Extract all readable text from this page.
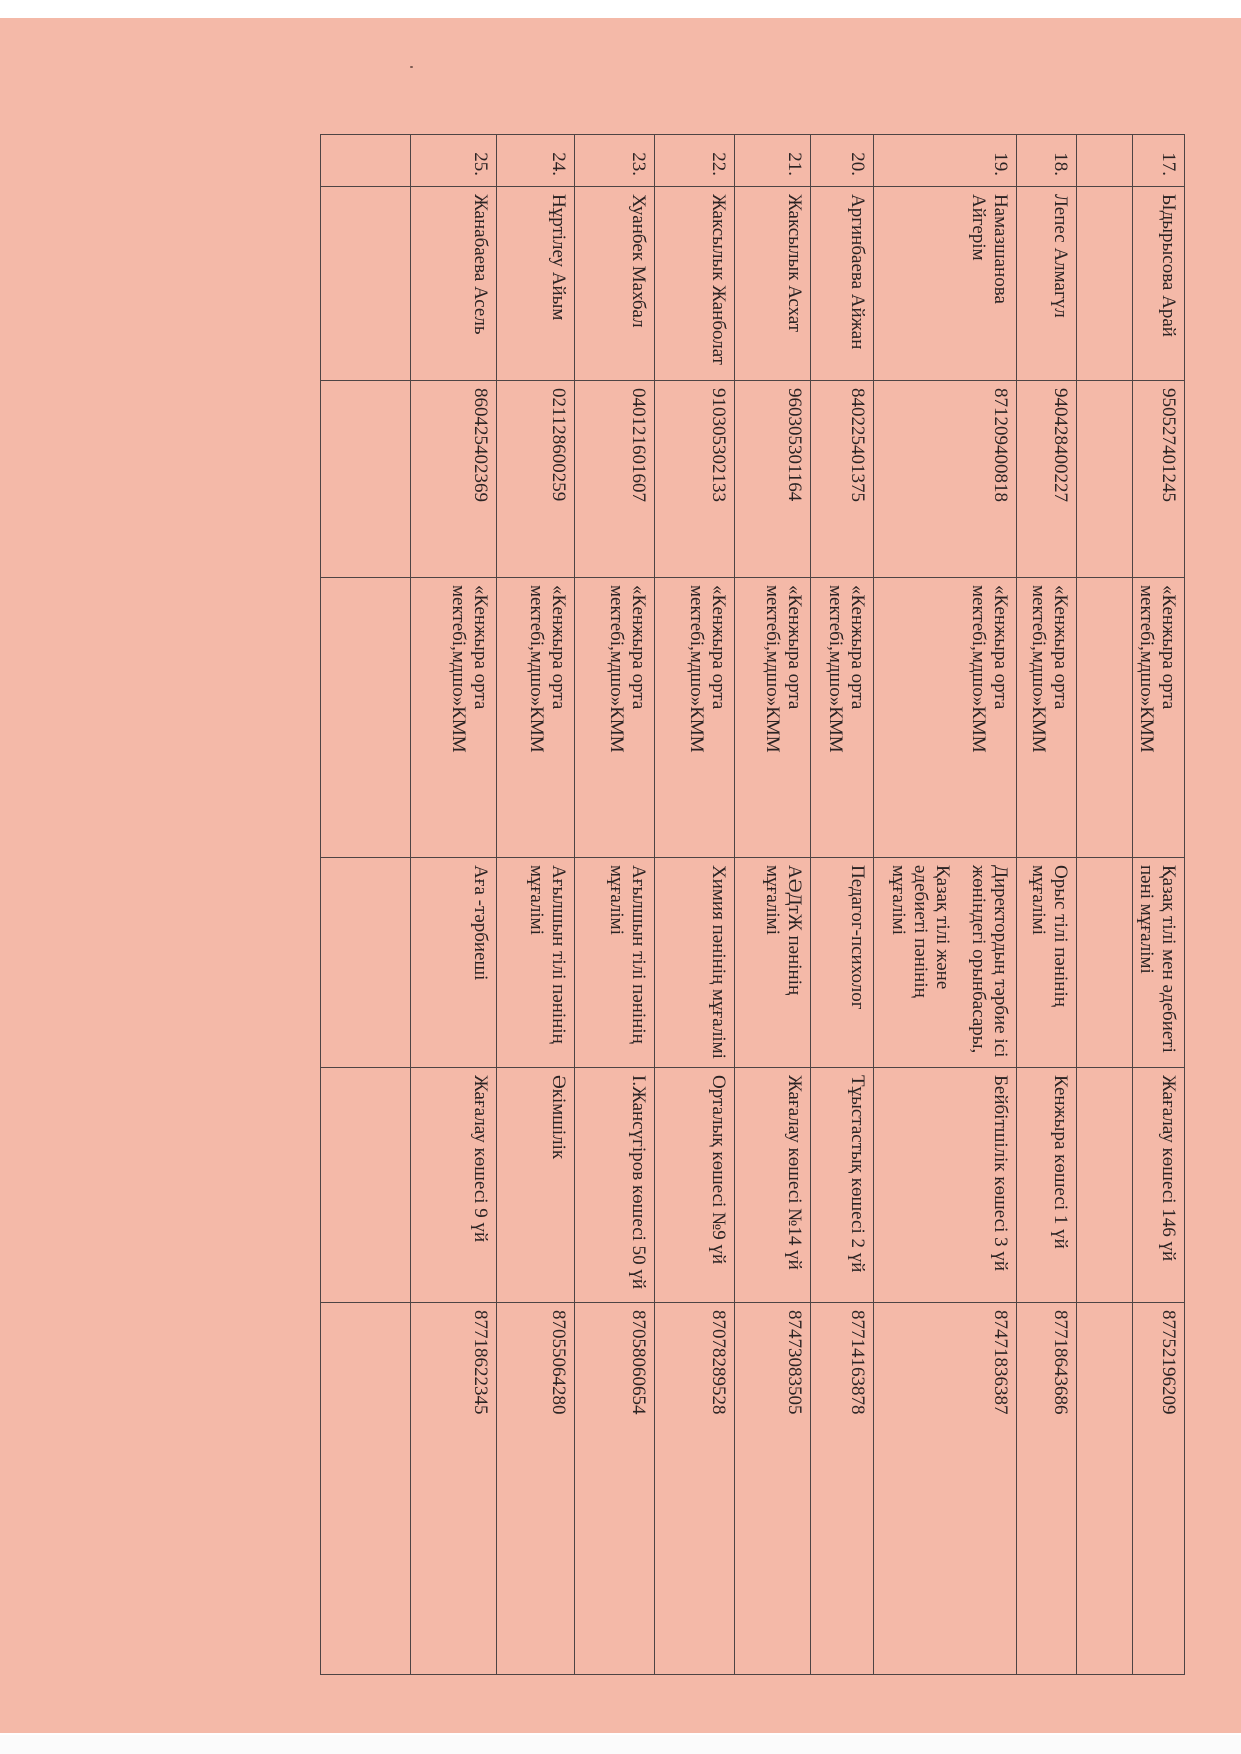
17.	Ыдырысова Арай	950527401245	«Кенжыра орта мектебі,мдшо»КММ	Қазақ тілі мен әдебиеті пәні мұғалімі	Жағалау көшесі 146 үй	87752196209

18.	Лепес Алмагүл	940428400227	«Кенжыра орта мектебі,мдшо»КММ	Орыс тілі пәнінің мұғалімі	Кенжыра көшесі 1 үй	87718643686
19.	Намазшанова Айгерім	871209400818	«Кенжыра орта мектебі,мдшо»КММ	Директордың тәрбие ісі жөніндегі орынбасары,
Қазақ тілі және әдебиеті пәнінің мұғалімі	Бейбітшілік көшесі 3 үй	87471836387
20.	Аргинбаева Айжан	840225401375	«Кенжыра орта мектебі,мдшо»КММ	Педагог-психолог	Тұыстастық көшесі 2 үй	87714163878
21.	Жаксылык Асхат	960305301164	«Кенжыра орта мектебі,мдшо»КММ	АӘДтЖ пәнінің мұғалімі	Жағалау көшесі №14 үй	87473083505
22.	Жаксылык Жанболат	910305302133	«Кенжыра орта мектебі,мдшо»КММ	Химия пәнінің мұғалімі	Орталық көшесі №9 үй	87078289528
23.	Хуанбек Махбал	040121601607	«Кенжыра орта мектебі,мдшо»КММ	Ағылшын тілі пәнінің мұғалімі	І.Жансүгіров көшесі 50 үй	87058060654
24.	Нұртілеу Айым	021128600259	«Кенжыра орта мектебі,мдшо»КММ	Ағылшын тілі пәнінің мұғалімі	Әкімшілік	87055064280
25.	Жанабаева Асель	860425402369	«Кенжыра орта мектебі,мдшо»КММ	Аға -тәрбиеші	Жағалау көшесі 9 үй	87718622345
